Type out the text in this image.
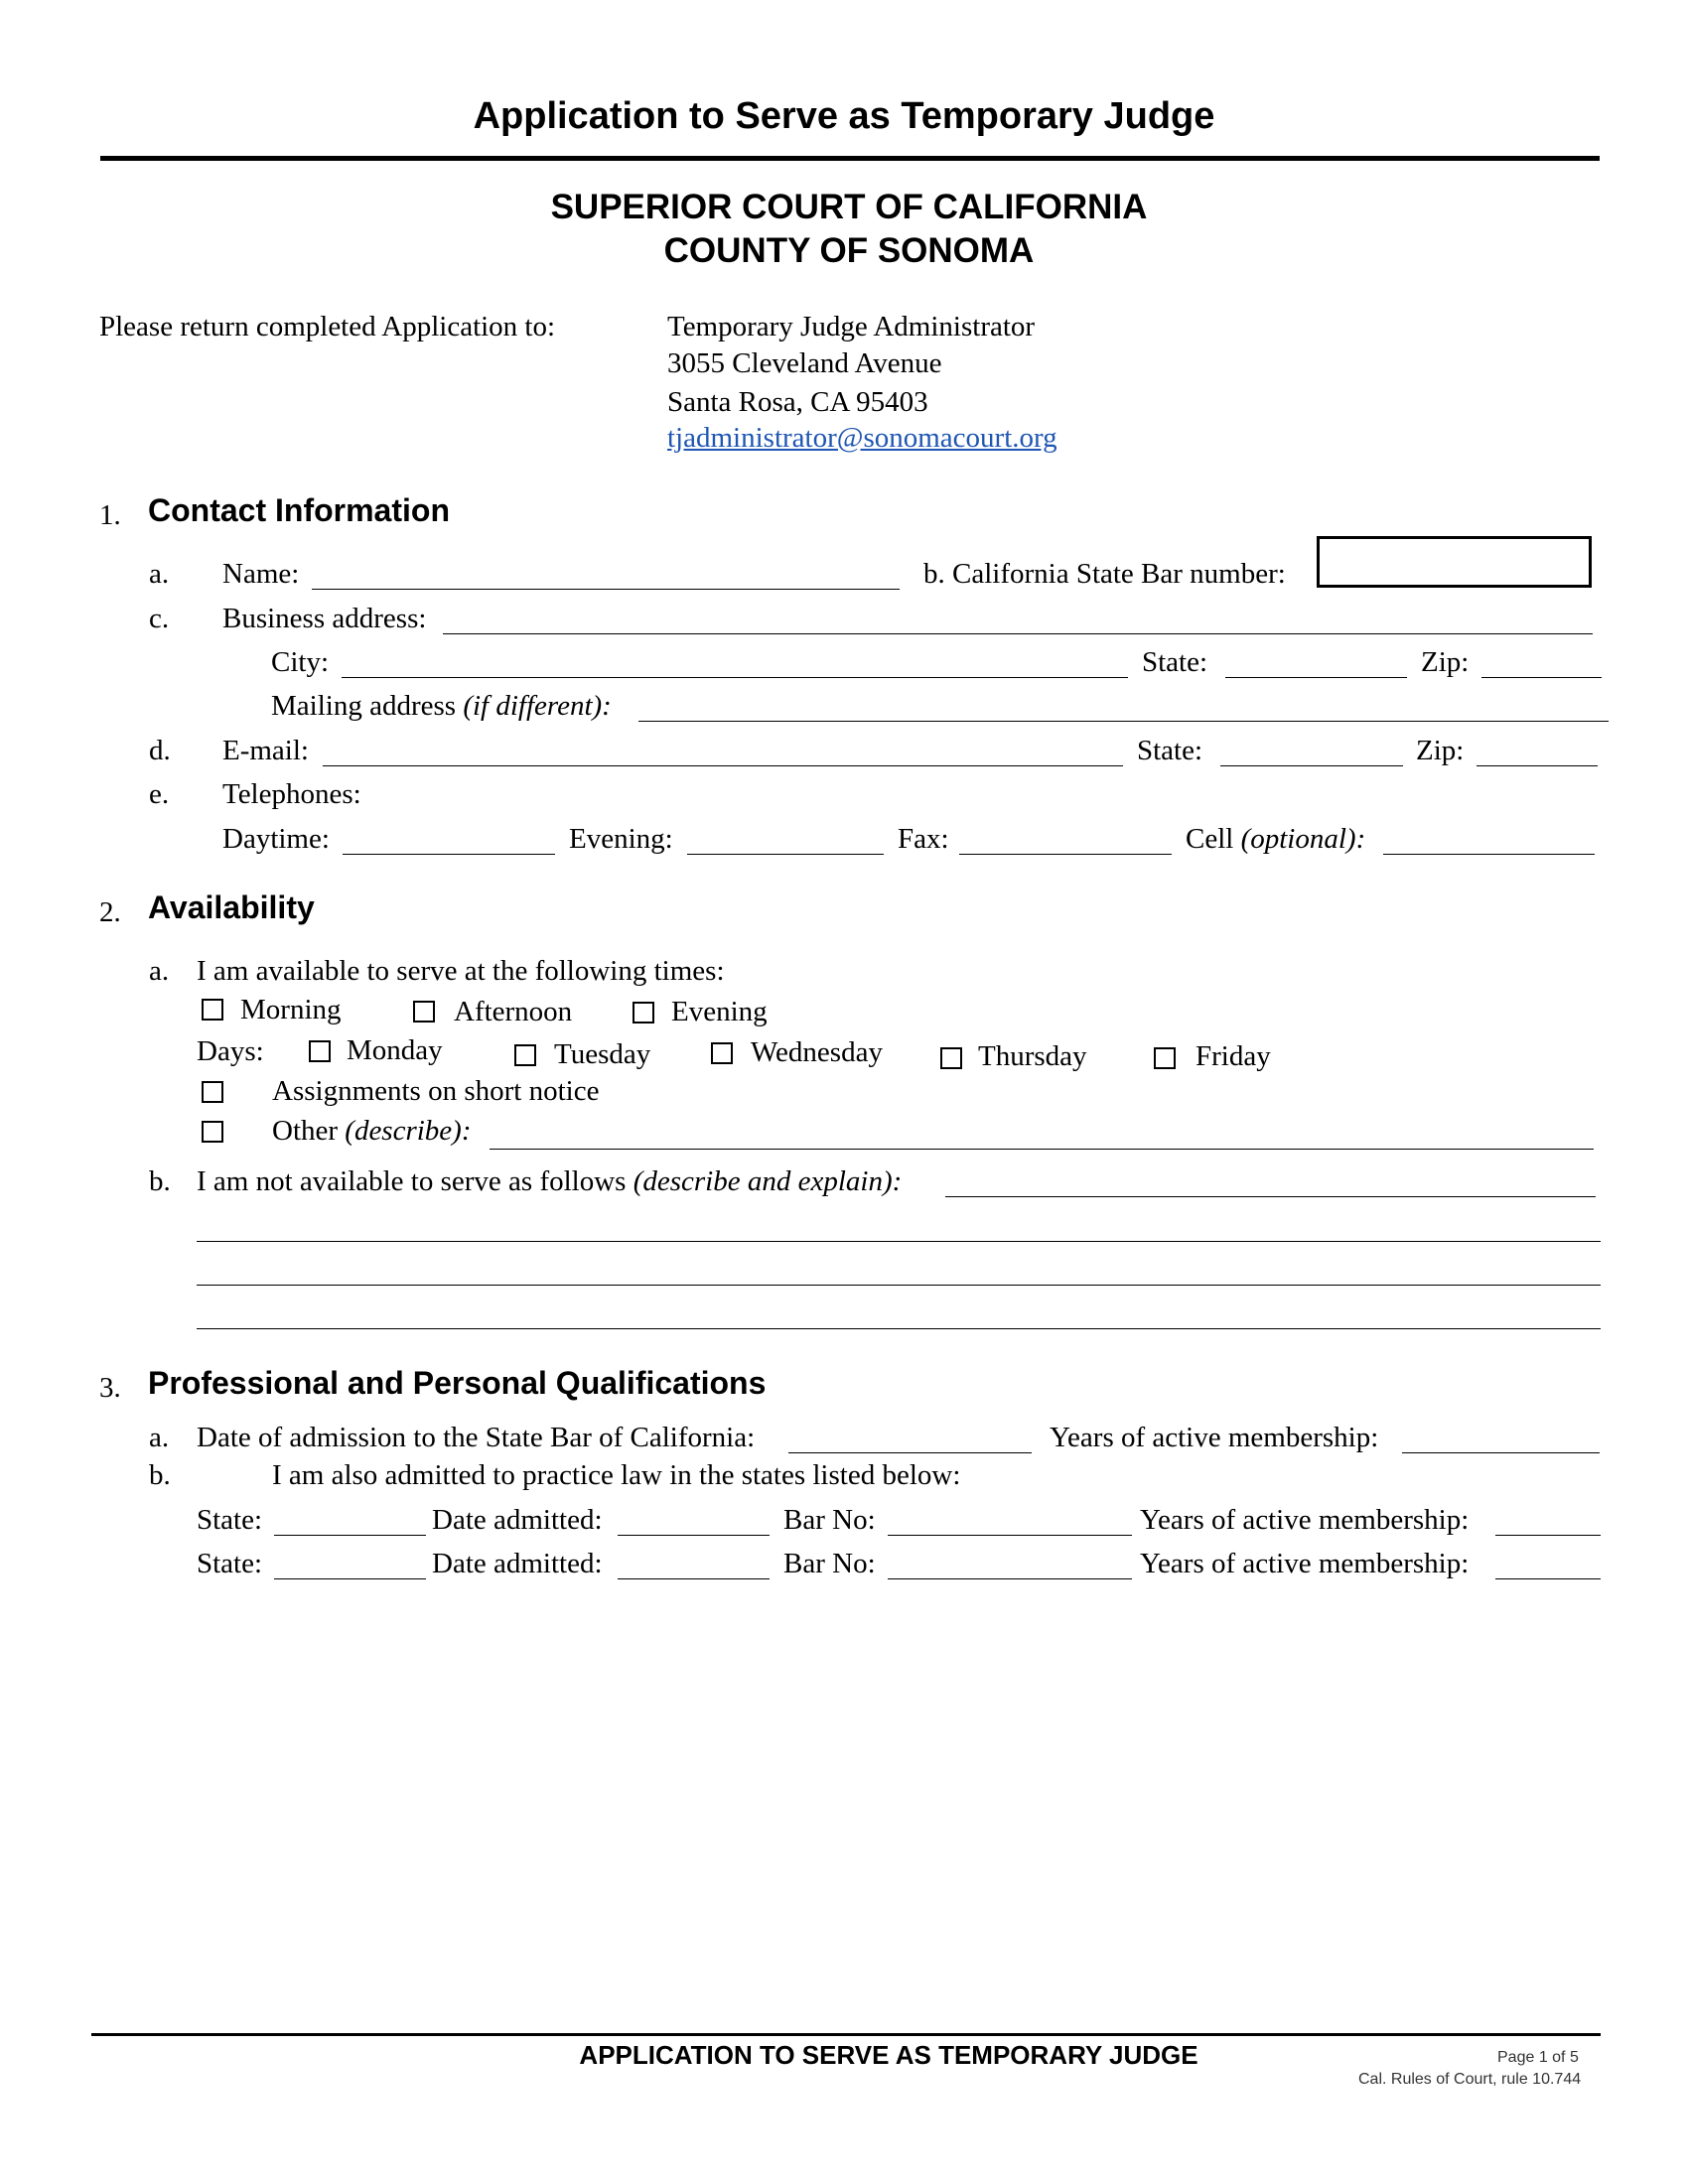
Application to Serve as Temporary Judge
SUPERIOR COURT OF CALIFORNIA
COUNTY OF SONOMA
Please return completed Application to:	Temporary Judge Administrator
3055 Cleveland Avenue
Santa Rosa, CA 95403
tjadministrator@sonomacourt.org
1. Contact Information
a. Name:	b. California State Bar number:
c. Business address:
City:	State:	Zip:
Mailing address (if different):
d. E-mail:	State:	Zip:
e. Telephones:
Daytime:	Evening:	Fax:	Cell (optional):
2. Availability
a. I am available to serve at the following times:
Morning	Afternoon	Evening
Days:	Monday	Tuesday	Wednesday	Thursday	Friday
Assignments on short notice
Other (describe):
b. I am not available to serve as follows (describe and explain):
3. Professional and Personal Qualifications
a. Date of admission to the State Bar of California:	Years of active membership:
b.	I am also admitted to practice law in the states listed below:
State:	Date admitted:	Bar No:	Years of active membership:
State:	Date admitted:	Bar No:	Years of active membership:
APPLICATION TO SERVE AS TEMPORARY JUDGE	Page 1 of 5
Cal. Rules of Court, rule 10.744
